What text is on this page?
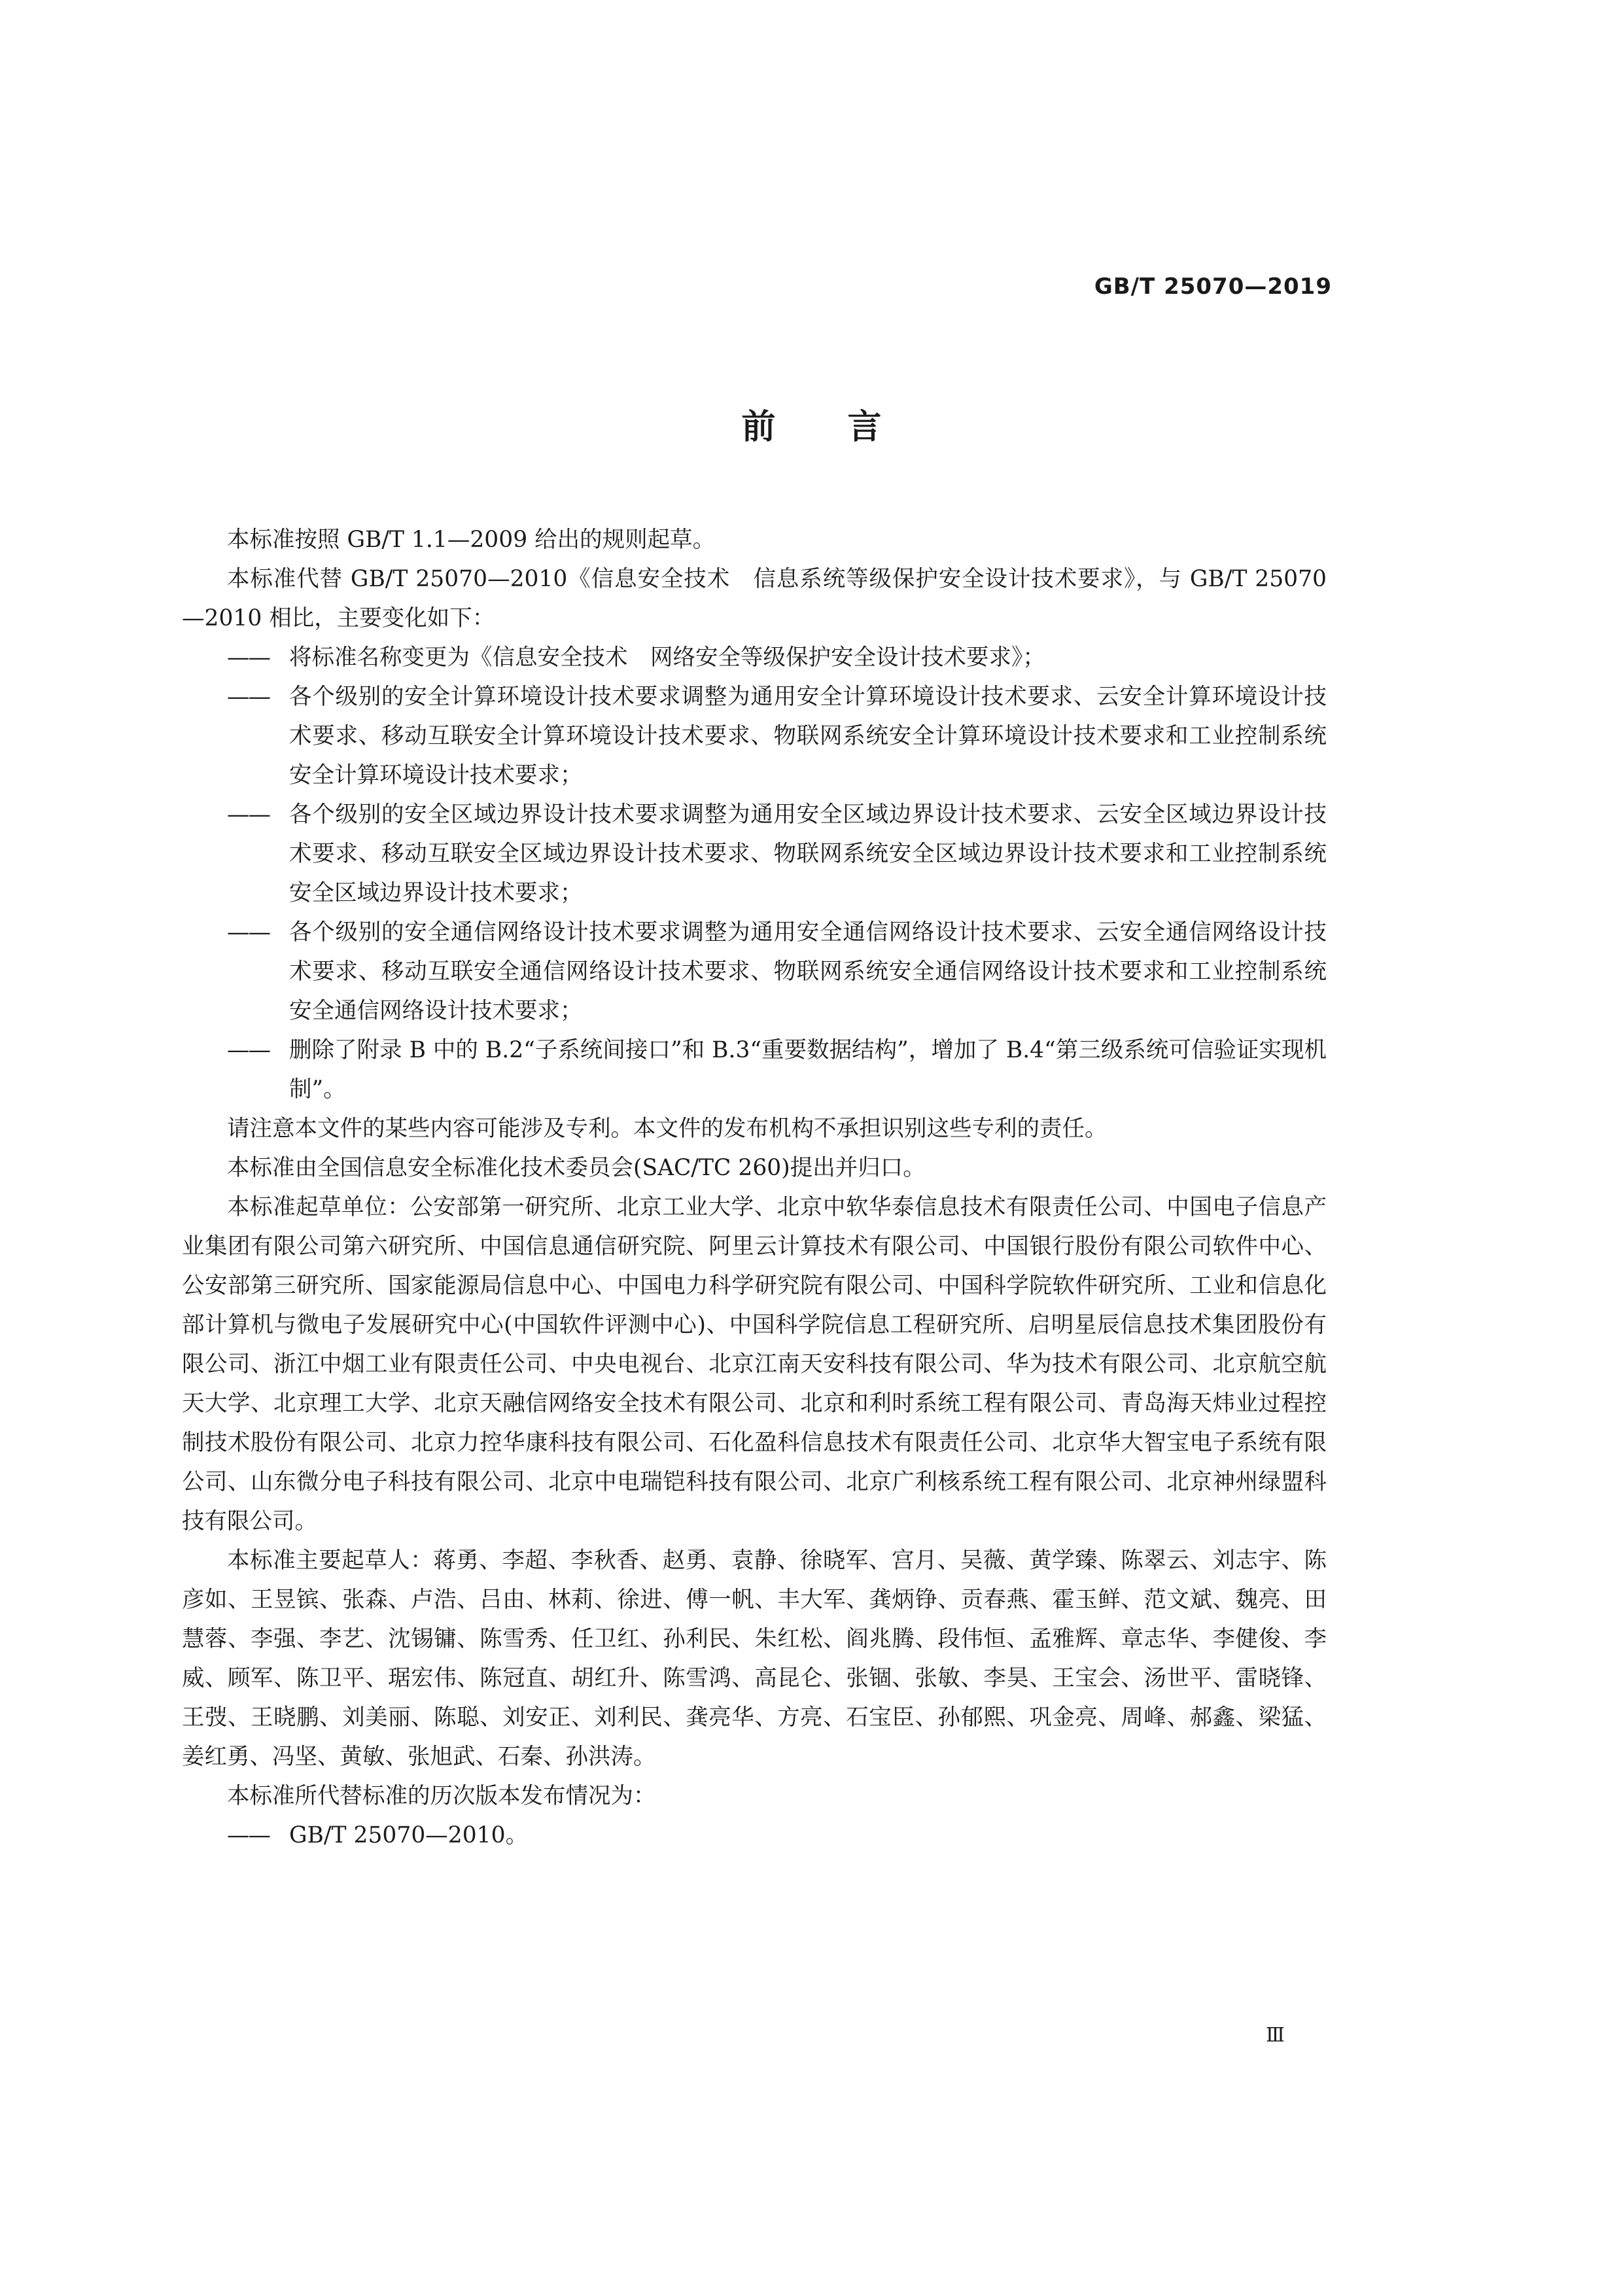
GB/T 25070—2019
前言

本标准按照 GB/T 1.1—2009 给出的规则起草。

本标准代替 GB/T 25070—2010《信息安全技术　信息系统等级保护安全设计技术要求》，与 GB/T 25070—2010 相比，主要变化如下：

—— 将标准名称变更为《信息安全技术　网络安全等级保护安全设计技术要求》；

—— 各个级别的安全计算环境设计技术要求调整为通用安全计算环境设计技术要求、云安全计算环境设计技术要求、移动互联安全计算环境设计技术要求、物联网系统安全计算环境设计技术要求和工业控制系统安全计算环境设计技术要求；

—— 各个级别的安全区域边界设计技术要求调整为通用安全区域边界设计技术要求、云安全区域边界设计技术要求、移动互联安全区域边界设计技术要求、物联网系统安全区域边界设计技术要求和工业控制系统安全区域边界设计技术要求；

—— 各个级别的安全通信网络设计技术要求调整为通用安全通信网络设计技术要求、云安全通信网络设计技术要求、移动互联安全通信网络设计技术要求、物联网系统安全通信网络设计技术要求和工业控制系统安全通信网络设计技术要求；

—— 删除了附录 B 中的 B.2“子系统间接口”和 B.3“重要数据结构”，增加了 B.4“第三级系统可信验证实现机制”。

请注意本文件的某些内容可能涉及专利。本文件的发布机构不承担识别这些专利的责任。

本标准由全国信息安全标准化技术委员会(SAC/TC 260)提出并归口。

本标准起草单位：公安部第一研究所、北京工业大学、北京中软华泰信息技术有限责任公司、中国电子信息产业集团有限公司第六研究所、中国信息通信研究院、阿里云计算技术有限公司、中国银行股份有限公司软件中心、公安部第三研究所、国家能源局信息中心、中国电力科学研究院有限公司、中国科学院软件研究所、工业和信息化部计算机与微电子发展研究中心(中国软件评测中心)、中国科学院信息工程研究所、启明星辰信息技术集团股份有限公司、浙江中烟工业有限责任公司、中央电视台、北京江南天安科技有限公司、华为技术有限公司、北京航空航天大学、北京理工大学、北京天融信网络安全技术有限公司、北京和利时系统工程有限公司、青岛海天炜业过程控制技术股份有限公司、北京力控华康科技有限公司、石化盈科信息技术有限责任公司、北京华大智宝电子系统有限公司、山东微分电子科技有限公司、北京中电瑞铠科技有限公司、北京广利核系统工程有限公司、北京神州绿盟科技有限公司。

本标准主要起草人：蒋勇、李超、李秋香、赵勇、袁静、徐晓军、宫月、吴薇、黄学臻、陈翠云、刘志宇、陈彦如、王昱镔、张森、卢浩、吕由、林莉、徐进、傅一帆、丰大军、龚炳铮、贡春燕、霍玉鲜、范文斌、魏亮、田慧蓉、李强、李艺、沈锡镛、陈雪秀、任卫红、孙利民、朱红松、阎兆腾、段伟恒、孟雅辉、章志华、李健俊、李威、顾军、陈卫平、琚宏伟、陈冠直、胡红升、陈雪鸿、高昆仑、张锢、张敏、李昊、王宝会、汤世平、雷晓锋、王弢、王晓鹏、刘美丽、陈聪、刘安正、刘利民、龚亮华、方亮、石宝臣、孙郁熙、巩金亮、周峰、郝鑫、梁猛、姜红勇、冯坚、黄敏、张旭武、石秦、孙洪涛。

本标准所代替标准的历次版本发布情况为：

—— GB/T 25070—2010。

Ⅲ
